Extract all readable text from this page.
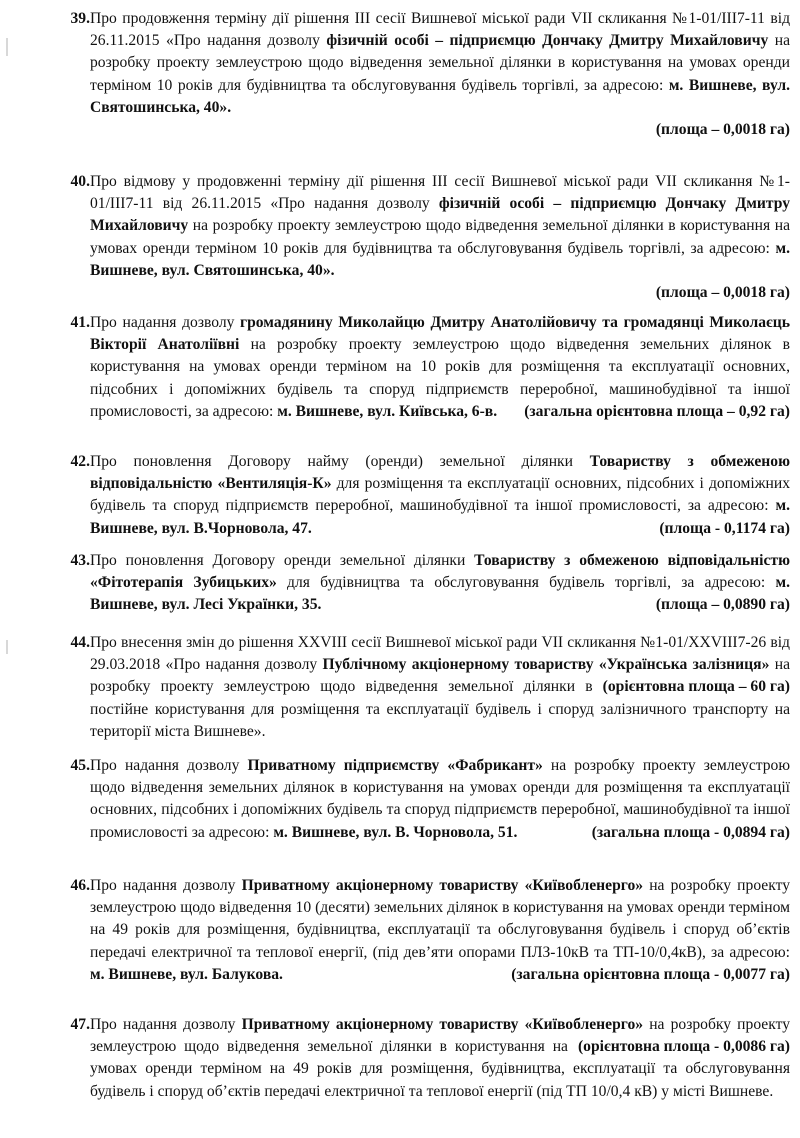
39. Про продовження терміну дії рішення III сесії Вишневої міської ради VII скликання №1-01/III7-11 від 26.11.2015 «Про надання дозволу фізичній особі – підприємцю Дончаку Дмитру Михайловичу на розробку проекту землеустрою щодо відведення земельної ділянки в користування на умовах оренди терміном 10 років для будівництва та обслуговування будівель торгівлі, за адресою: м. Вишневе, вул. Святошинська, 40».
(площа – 0,0018 га)
40. Про відмову у продовженні терміну дії рішення III сесії Вишневої міської ради VII скликання №1-01/III7-11 від 26.11.2015 «Про надання дозволу фізичній особі – підприємцю Дончаку Дмитру Михайловичу на розробку проекту землеустрою щодо відведення земельної ділянки в користування на умовах оренди терміном 10 років для будівництва та обслуговування будівель торгівлі, за адресою: м. Вишневе, вул. Святошинська, 40».
(площа – 0,0018 га)
41. Про надання дозволу громадянину Миколайцю Дмитру Анатолійовичу та громадянці Миколаєць Вікторії Анатоліївні на розробку проекту землеустрою щодо відведення земельних ділянок в користування на умовах оренди терміном на 10 років для розміщення та експлуатації основних, підсобних і допоміжних будівель та споруд підприємств переробної, машинобудівної та іншої промисловості, за адресою:	(загальна орієнтовна площа – 0,92 га)
м. Вишневе, вул. Київська, 6-в.
42. Про поновлення Договору найму (оренди) земельної ділянки Товариству з обмеженою відповідальністю «Вентиляція-К» для розміщення та експлуатації основних, підсобних і допоміжних будівель та споруд підприємств переробної, машинобудівної та іншої промисловості, за адресою:
(площа - 0,1174 га)
м. Вишневе, вул. В.Чорновола, 47.
43. Про поновлення Договору оренди земельної ділянки Товариству з обмеженою відповідальністю «Фітотерапія Зубицьких» для будівництва та обслуговування будівель торгівлі, за адресою:
(площа – 0,0890 га)
м. Вишневе, вул. Лесі Українки, 35.
44. Про внесення змін до рішення XXVIII сесії Вишневої міської ради VII скликання №1-01/XXVIII7-26 від 29.03.2018 «Про надання дозволу Публічному акціонерному товариству «Українська залізниця»
(орієнтовна площа – 60 га)
на розробку проекту землеустрою щодо відведення земельної ділянки в постійне користування для розміщення та експлуатації будівель і споруд залізничного транспорту на території міста Вишневе».
45. Про надання дозволу Приватному підприємству «Фабрикант» на розробку проекту землеустрою щодо відведення земельних ділянок в користування на умовах оренди для розміщення та експлуатації основних, підсобних і допоміжних будівель та споруд підприємств переробної, машинобудівної та іншої промисловості за адресою:	(загальна площа - 0,0894 га)
м. Вишневе, вул. В. Чорновола, 51.
46. Про надання дозволу Приватному акціонерному товариству «Київобленерго» на розробку проекту землеустрою щодо відведення 10 (десяти) земельних ділянок в користування на умовах оренди терміном на 49 років для розміщення, будівництва, експлуатації та обслуговування будівель і споруд об’єктів передачі електричної та теплової енергії, (під дев’яти опорами ПЛЗ-10кВ та ТП-10/0,4кВ), за адресою:
(загальна орієнтовна площа - 0,0077 га)
м. Вишневе, вул. Балукова.
47. Про надання дозволу Приватному акціонерному товариству «Київобленерго»
(орієнтовна площа - 0,0086 га)
на розробку проекту землеустрою щодо відведення земельної ділянки в користування на умовах оренди терміном на 49 років для розміщення, будівництва, експлуатації та обслуговування будівель і споруд об’єктів передачі електричної та теплової енергії (під ТП 10/0,4 кВ) у місті Вишневе.
